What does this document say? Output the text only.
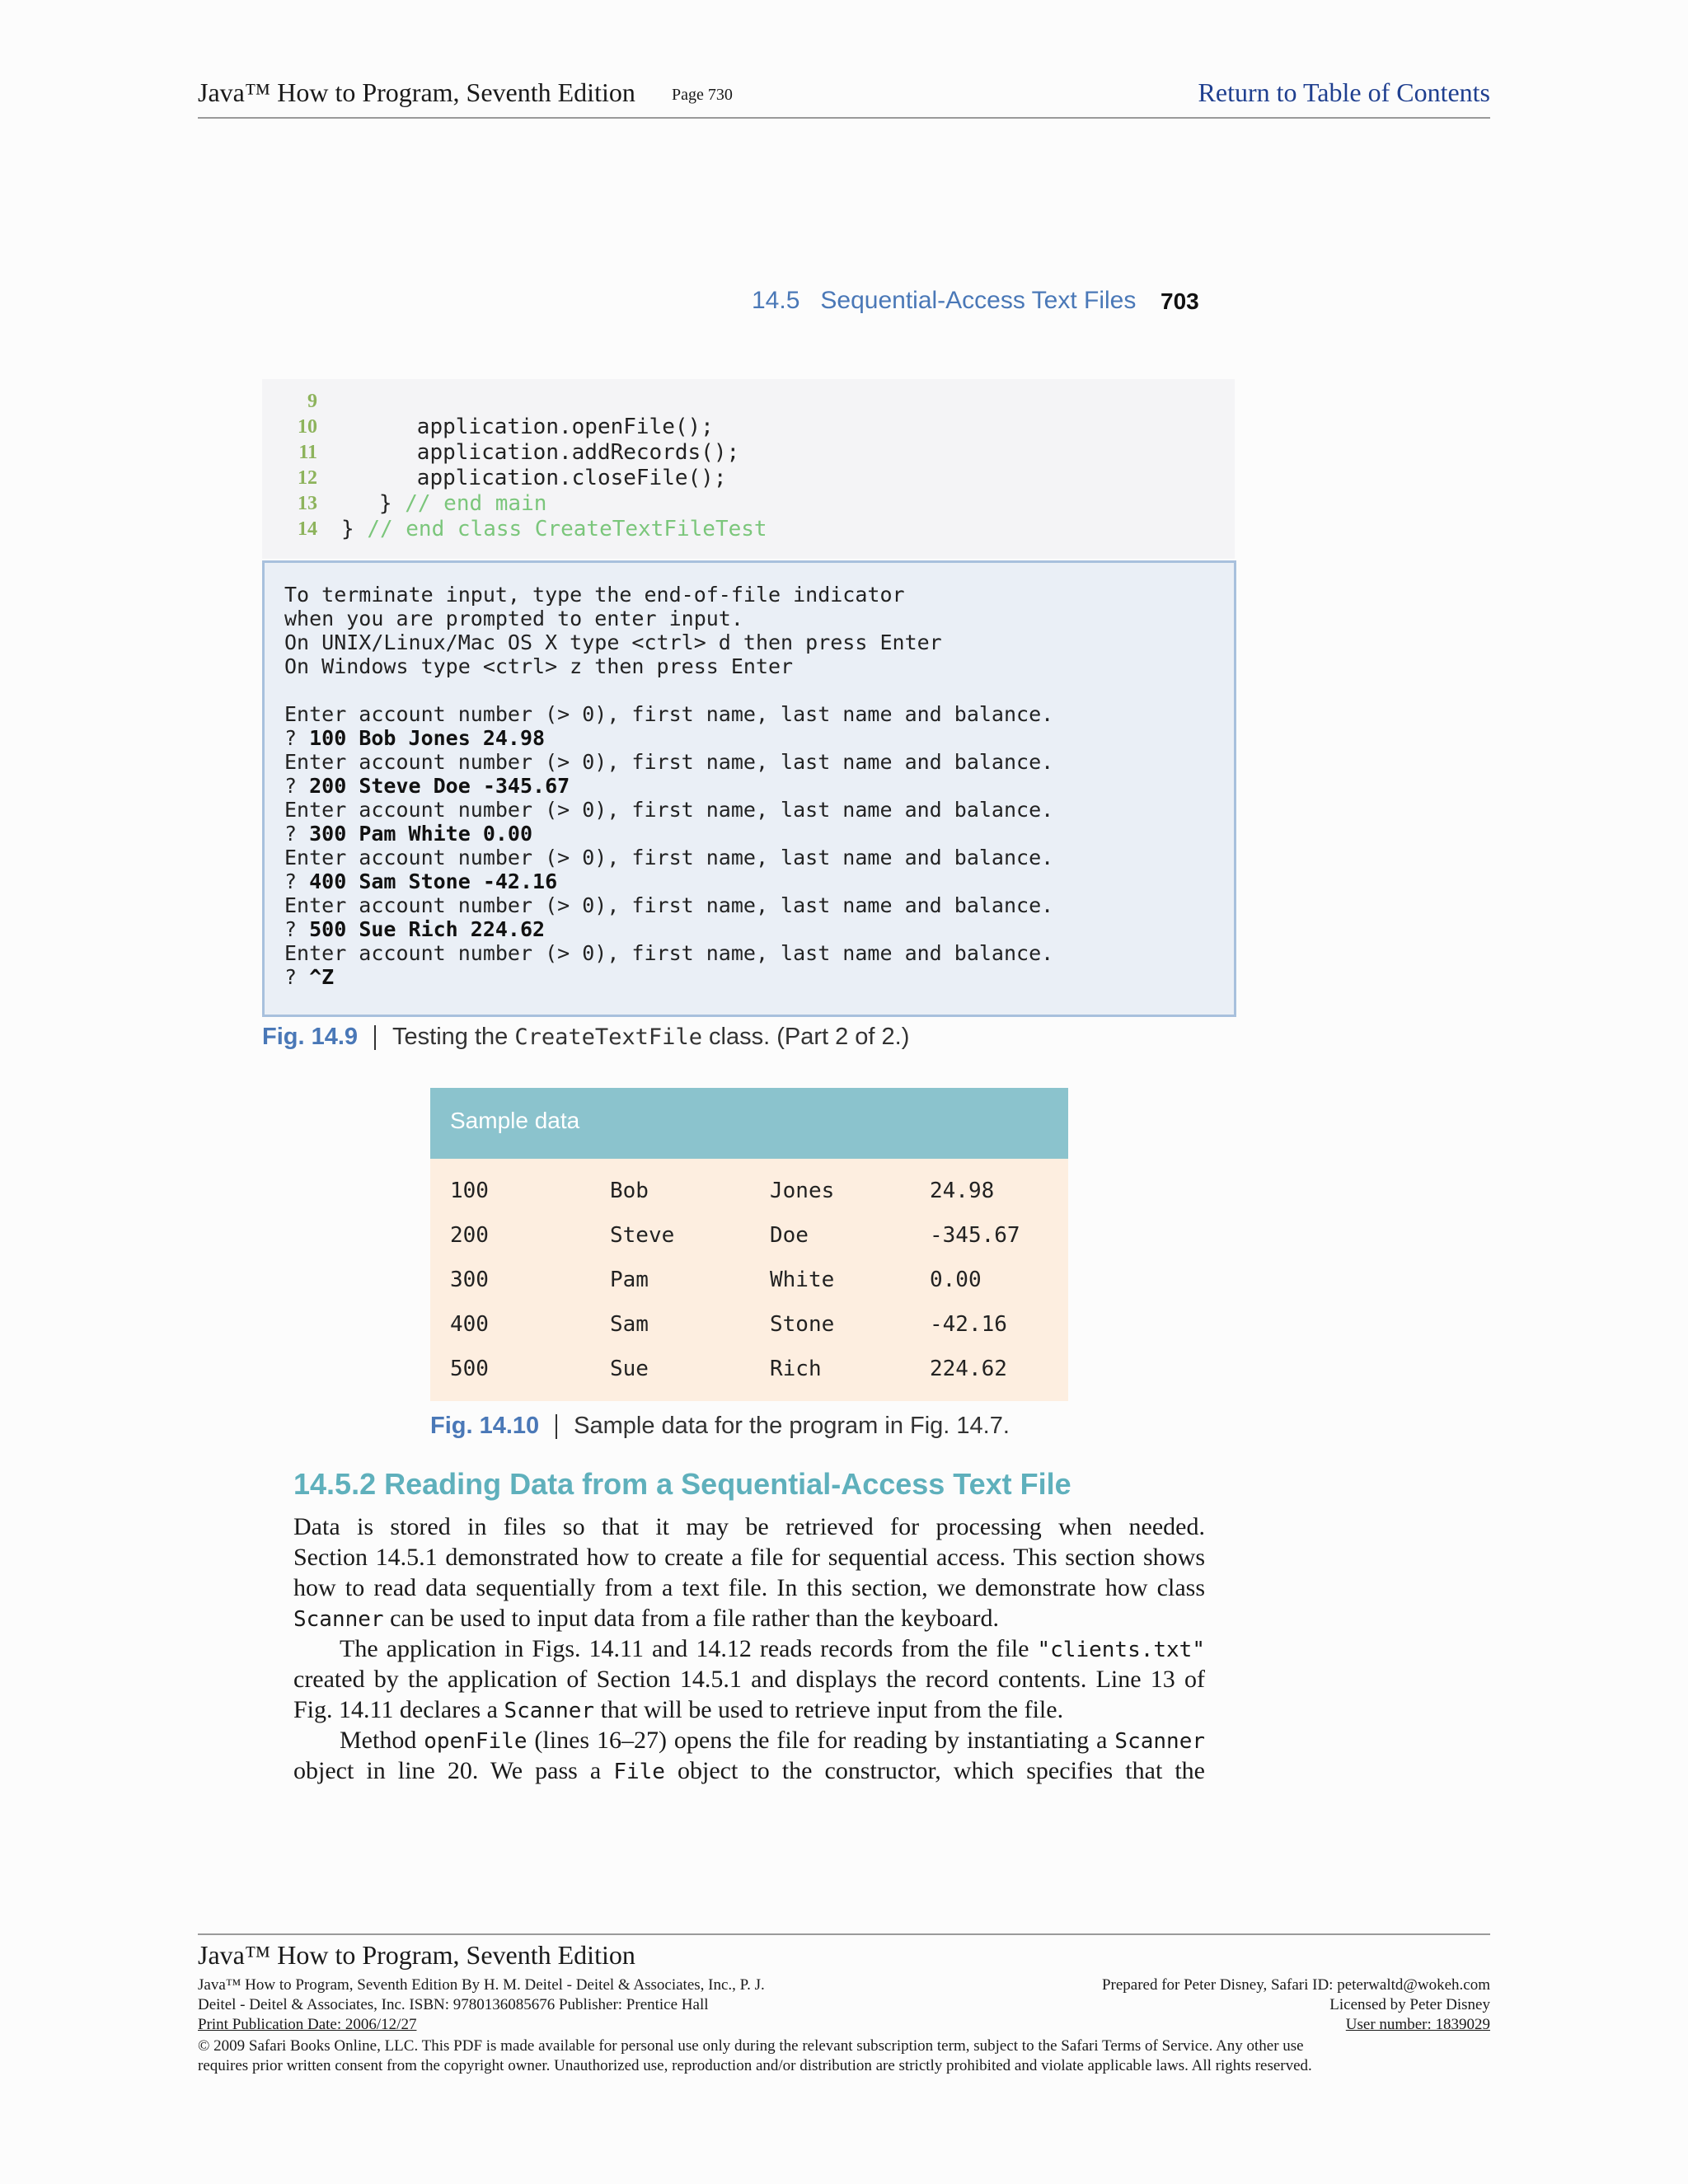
Java™ How to Program, Seventh Edition Page 730	Return to Table of Contents
14.5   Sequential-Access Text Files 703
9
10	application.openFile();
11	application.addRecords();
12	application.closeFile();
13	} // end main
14 } // end class CreateTextFileTest
To terminate input, type the end-of-file indicator
when you are prompted to enter input.
On UNIX/Linux/Mac OS X type <ctrl> d then press Enter
On Windows type <ctrl> z then press Enter
Enter account number (> 0), first name, last name and balance.
? 100 Bob Jones 24.98
Enter account number (> 0), first name, last name and balance.
? 200 Steve Doe -345.67
Enter account number (> 0), first name, last name and balance.
? 300 Pam White 0.00
Enter account number (> 0), first name, last name and balance.
? 400 Sam Stone -42.16
Enter account number (> 0), first name, last name and balance.
? 500 Sue Rich 224.62
Enter account number (> 0), first name, last name and balance.
? ^Z
Fig. 14.9 Testing the CreateTextFile class. (Part 2 of 2.)
Sample data
100	Bob	Jones	24.98
200	Steve	Doe	-345.67
300	Pam	White	0.00
400	Sam	Stone	-42.16
500	Sue	Rich	224.62
Fig. 14.10 Sample data for the program in Fig. 14.7.
14.5.2 Reading Data from a Sequential-Access Text File
Data is stored in files so that it may be retrieved for processing when needed.
Section 14.5.1 demonstrated how to create a file for sequential access. This section shows
how to read data sequentially from a text file. In this section, we demonstrate how class
Scanner can be used to input data from a file rather than the keyboard.
The application in Figs. 14.11 and 14.12 reads records from the file "clients.txt"
created by the application of Section 14.5.1 and displays the record contents. Line 13 of
Fig. 14.11 declares a Scanner that will be used to retrieve input from the file.
Method openFile (lines 16–27) opens the file for reading by instantiating a Scanner
object in line 20. We pass a File object to the constructor, which specifies that the
Java™ How to Program, Seventh Edition
Java™ How to Program, Seventh Edition By H. M. Deitel - Deitel & Associates, Inc., P. J.
Deitel - Deitel & Associates, Inc. ISBN: 9780136085676 Publisher: Prentice Hall
Print Publication Date: 2006/12/27
Prepared for Peter Disney, Safari ID: peterwaltd@wokeh.com
Licensed by Peter Disney
User number: 1839029
© 2009 Safari Books Online, LLC. This PDF is made available for personal use only during the relevant subscription term, subject to the Safari Terms of Service. Any other use
requires prior written consent from the copyright owner. Unauthorized use, reproduction and/or distribution are strictly prohibited and violate applicable laws. All rights reserved.
